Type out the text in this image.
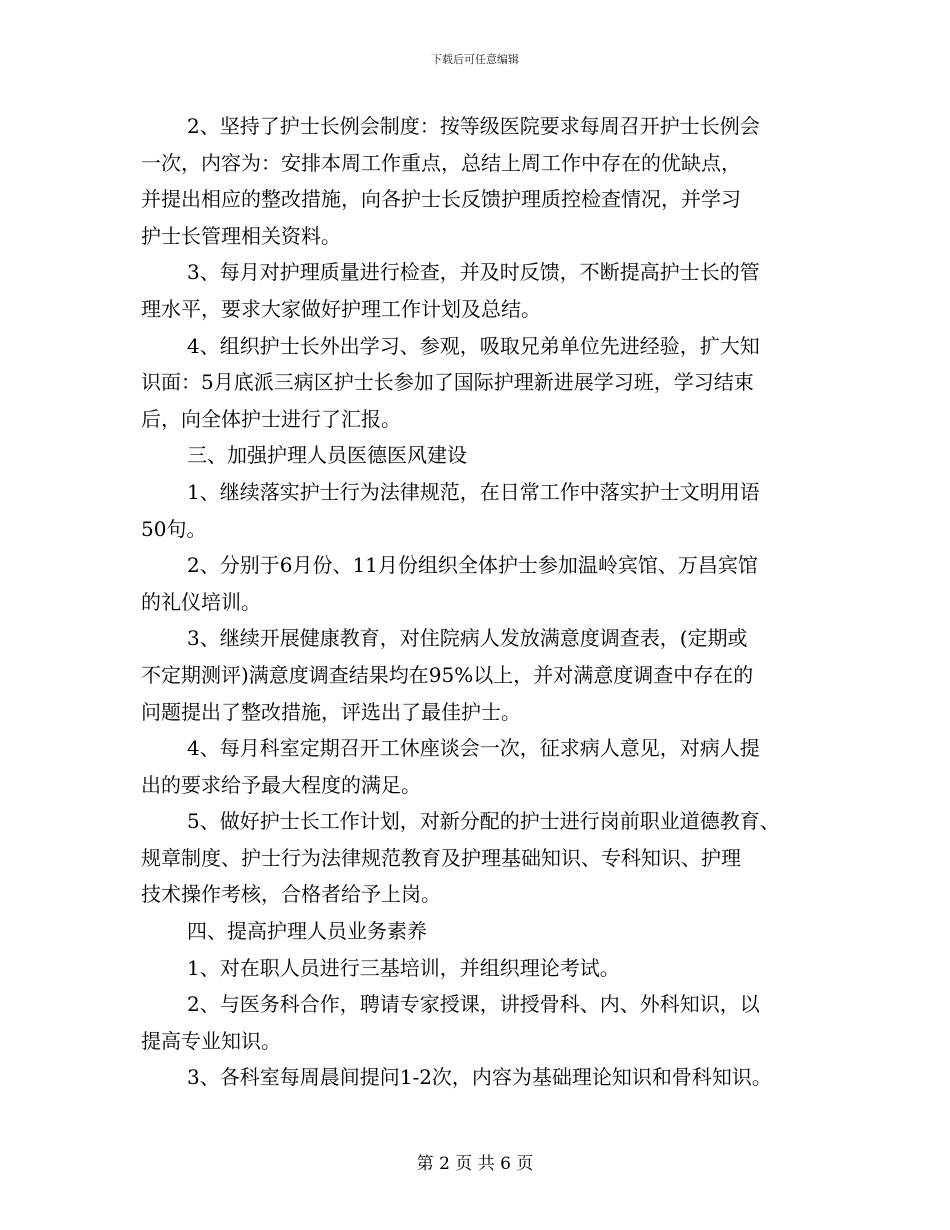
下载后可任意编辑

2、坚持了护士长例会制度：按等级医院要求每周召开护士长例会
一次，内容为：安排本周工作重点，总结上周工作中存在的优缺点，
并提出相应的整改措施，向各护士长反馈护理质控检查情况，并学习
护士长管理相关资料。

3、每月对护理质量进行检查，并及时反馈，不断提高护士长的管
理水平，要求大家做好护理工作计划及总结。

4、组织护士长外出学习、参观，吸取兄弟单位先进经验，扩大知
识面：5月底派三病区护士长参加了国际护理新进展学习班，学习结束
后，向全体护士进行了汇报。

三、加强护理人员医德医风建设

1、继续落实护士行为法律规范，在日常工作中落实护士文明用语
50句。

2、分别于6月份、11月份组织全体护士参加温岭宾馆、万昌宾馆
的礼仪培训。

3、继续开展健康教育，对住院病人发放满意度调查表，(定期或
不定期测评)满意度调查结果均在95%以上，并对满意度调查中存在的
问题提出了整改措施，评选出了最佳护士。

4、每月科室定期召开工休座谈会一次，征求病人意见，对病人提
出的要求给予最大程度的满足。

5、做好护士长工作计划，对新分配的护士进行岗前职业道德教育、
规章制度、护士行为法律规范教育及护理基础知识、专科知识、护理
技术操作考核，合格者给予上岗。

四、提高护理人员业务素养

1、对在职人员进行三基培训，并组织理论考试。

2、与医务科合作，聘请专家授课，讲授骨科、内、外科知识，以
提高专业知识。

3、各科室每周晨间提问1-2次，内容为基础理论知识和骨科知识。

第 2 页 共 6 页
